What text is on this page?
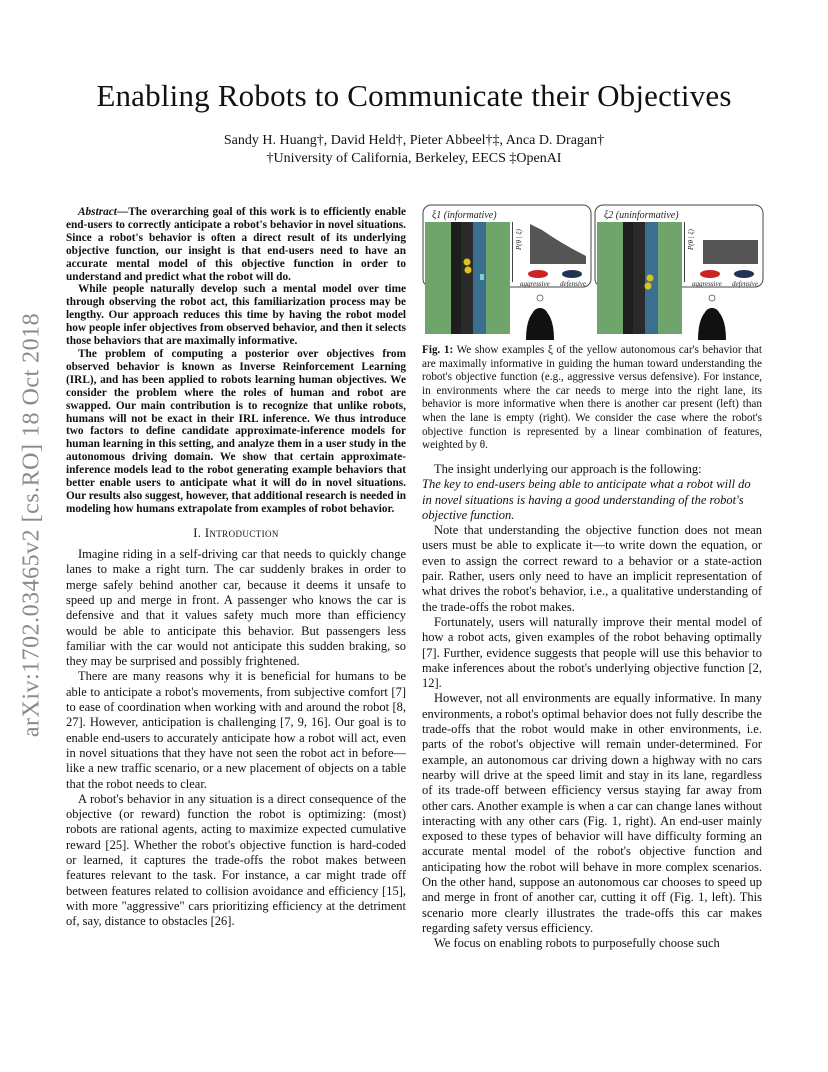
Enabling Robots to Communicate their Objectives
Sandy H. Huang†, David Held†, Pieter Abbeel†‡, Anca D. Dragan†
†University of California, Berkeley, EECS ‡OpenAI
arXiv:1702.03465v2 [cs.RO] 18 Oct 2018

Abstract—The overarching goal of this work is to efficiently enable end-users to correctly anticipate a robot's behavior in novel situations. Since a robot's behavior is often a direct result of its underlying objective function, our insight is that end-users need to have an accurate mental model of this objective function in order to understand and predict what the robot will do.

While people naturally develop such a mental model over time through observing the robot act, this familiarization process may be lengthy. Our approach reduces this time by having the robot model how people infer objectives from observed behavior, and then it selects those behaviors that are maximally informative.

The problem of computing a posterior over objectives from observed behavior is known as Inverse Reinforcement Learning (IRL), and has been applied to robots learning human objectives. We consider the problem where the roles of human and robot are swapped. Our main contribution is to recognize that unlike robots, humans will not be exact in their IRL inference. We thus introduce two factors to define candidate approximate-inference models for human learning in this setting, and analyze them in a user study in the autonomous driving domain. We show that certain approximate-inference models lead to the robot generating example behaviors that better enable users to anticipate what it will do in novel situations. Our results also suggest, however, that additional research is needed in modeling how humans extrapolate from examples of robot behavior.

I. Introduction

Imagine riding in a self-driving car that needs to quickly change lanes to make a right turn. The car suddenly brakes in order to merge safely behind another car, because it deems it unsafe to speed up and merge in front. A passenger who knows the car is defensive and that it values safety much more than efficiency would be able to anticipate this behavior. But passengers less familiar with the car would not anticipate this sudden braking, so they may be surprised and possibly frightened.

There are many reasons why it is beneficial for humans to be able to anticipate a robot's movements, from subjective comfort [7] to ease of coordination when working with and around the robot [8, 27]. However, anticipation is challenging [7, 9, 16]. Our goal is to enable end-users to accurately anticipate how a robot will act, even in novel situations that they have not seen the robot act in before—like a new traffic scenario, or a new placement of objects on a table that the robot needs to clear.

A robot's behavior in any situation is a direct consequence of the objective (or reward) function the robot is optimizing: (most) robots are rational agents, acting to maximize expected cumulative reward [25]. Whether the robot's objective function is hard-coded or learned, it captures the trade-offs the robot makes between features relevant to the task. For instance, a car might trade off between features related to collision avoidance and efficiency [15], with more "aggressive" cars prioritizing efficiency at the detriment of, say, distance to obstacles [26].

ξ1 (informative)
P(θ | ξ)
aggressive defensive
ξ2 (uninformative)
P(θ | ξ)
aggressive defensive
Fig. 1: We show examples ξ of the yellow autonomous car's behavior that are maximally informative in guiding the human toward understanding the robot's objective function (e.g., aggressive versus defensive). For instance, in environments where the car needs to merge into the right lane, its behavior is more informative when there is another car present (left) than when the lane is empty (right). We consider the case where the robot's objective function is represented by a linear combination of features, weighted by θ.

The insight underlying our approach is the following:

The key to end-users being able to anticipate what a robot will do in novel situations is having a good understanding of the robot's objective function.

Note that understanding the objective function does not mean users must be able to explicate it—to write down the equation, or even to assign the correct reward to a behavior or a state-action pair. Rather, users only need to have an implicit representation of what drives the robot's behavior, i.e., a qualitative understanding of the trade-offs the robot makes.

Fortunately, users will naturally improve their mental model of how a robot acts, given examples of the robot behaving optimally [7]. Further, evidence suggests that people will use this behavior to make inferences about the robot's underlying objective function [2, 12].

However, not all environments are equally informative. In many environments, a robot's optimal behavior does not fully describe the trade-offs that the robot would make in other environments, i.e. parts of the robot's objective will remain under-determined. For example, an autonomous car driving down a highway with no cars nearby will drive at the speed limit and stay in its lane, regardless of its trade-off between efficiency versus staying far away from other cars. Another example is when a car can change lanes without interacting with any other cars (Fig. 1, right). An end-user mainly exposed to these types of behavior will have difficulty forming an accurate mental model of the robot's objective function and anticipating how the robot will behave in more complex scenarios. On the other hand, suppose an autonomous car chooses to speed up and merge in front of another car, cutting it off (Fig. 1, left). This scenario more clearly illustrates the trade-offs this car makes regarding safety versus efficiency.

We focus on enabling robots to purposefully choose such
